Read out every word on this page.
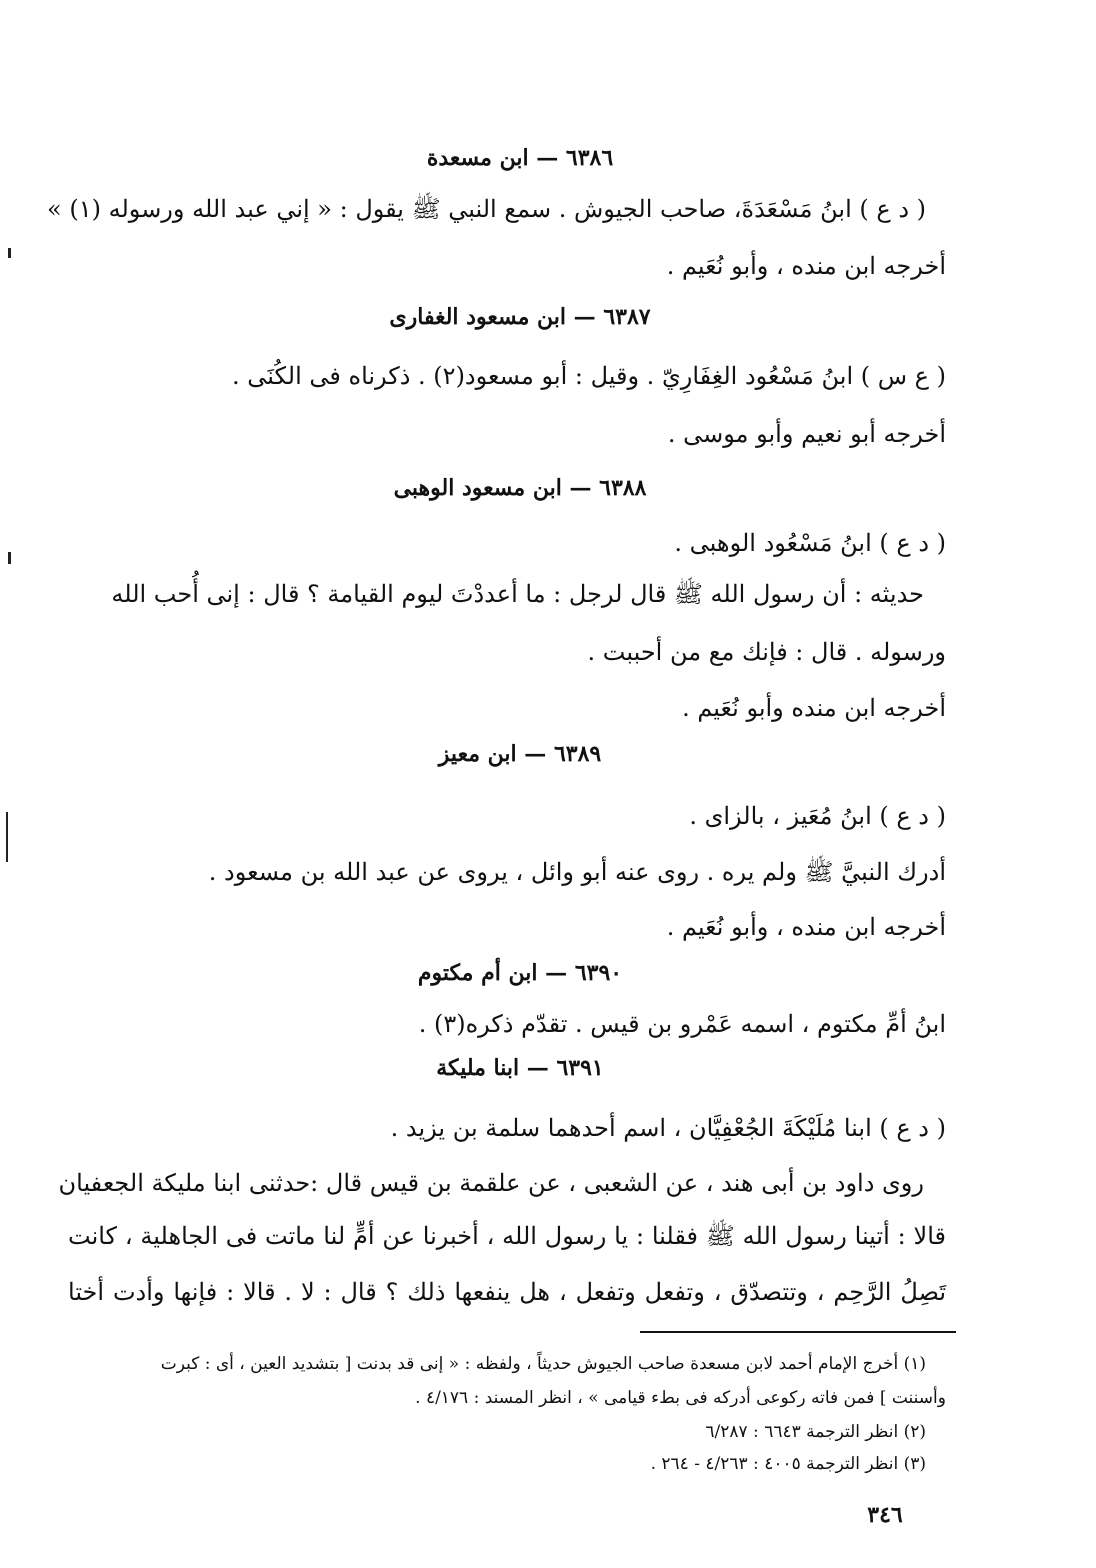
٦٣٨٦ — ابن مسعدة
( د ع ) ابنُ مَسْعَدَةَ، صاحب الجيوش . سمع النبي ﷺ يقول : « إني عبد الله ورسوله (١) »
أخرجه ابن منده ، وأبو نُعَيم .
٦٣٨٧ — ابن مسعود الغفارى
( ع س ) ابنُ مَسْعُود الغِفَارِيّ . وقيل : أبو مسعود(٢) . ذكرناه فى الكُنَى .
أخرجه أبو نعيم وأبو موسى .
٦٣٨٨ — ابن مسعود الوهبى
( د ع ) ابنُ مَسْعُود الوهبى .
حديثه : أن رسول الله ﷺ قال لرجل : ما أعددْتَ ليوم القيامة ؟ قال : إنى أُحب الله
ورسوله . قال : فإنك مع من أحببت .
أخرجه ابن منده وأبو نُعَيم .
٦٣٨٩ — ابن معيز
( د ع ) ابنُ مُعَيز ، بالزاى .
أدرك النبيَّ ﷺ ولم يره . روى عنه أبو وائل ، يروى عن عبد الله بن مسعود .
أخرجه ابن منده ، وأبو نُعَيم .
٦٣٩٠ — ابن أم مكتوم
ابنُ أمِّ مكتوم ، اسمه عَمْرو بن قيس . تقدّم ذكره(٣) .
٦٣٩١ — ابنا مليكة
( د ع ) ابنا مُلَيْكَةَ الجُعْفِيَّان ، اسم أحدهما سلمة بن يزيد .
روى داود بن أبى هند ، عن الشعبى ، عن علقمة بن قيس قال :حدثنى ابنا مليكة الجعفيان
قالا : أتينا رسول الله ﷺ فقلنا : يا رسول الله ، أخبرنا عن أمٍّ لنا ماتت فى الجاهلية ، كانت
تَصِلُ الرَّحِم ، وتتصدّق ، وتفعل وتفعل ، هل ينفعها ذلك ؟ قال : لا . قالا : فإنها وأدت أختا
(١) أخرج الإمام أحمد لابن مسعدة صاحب الجيوش حديثاً ، ولفظه : « إنى قد بدنت [ بتشديد العين ، أى : كبرت
وأسننت ] فمن فاته ركوعى أدركه فى بطء قيامى » ، انظر المسند : ٤/١٧٦ .
(٢) انظر الترجمة ٦٦٤٣ : ٦/٢٨٧
(٣) انظر الترجمة ٤٠٠٥ : ٤/٢٦٣ - ٢٦٤ .
٣٤٦
